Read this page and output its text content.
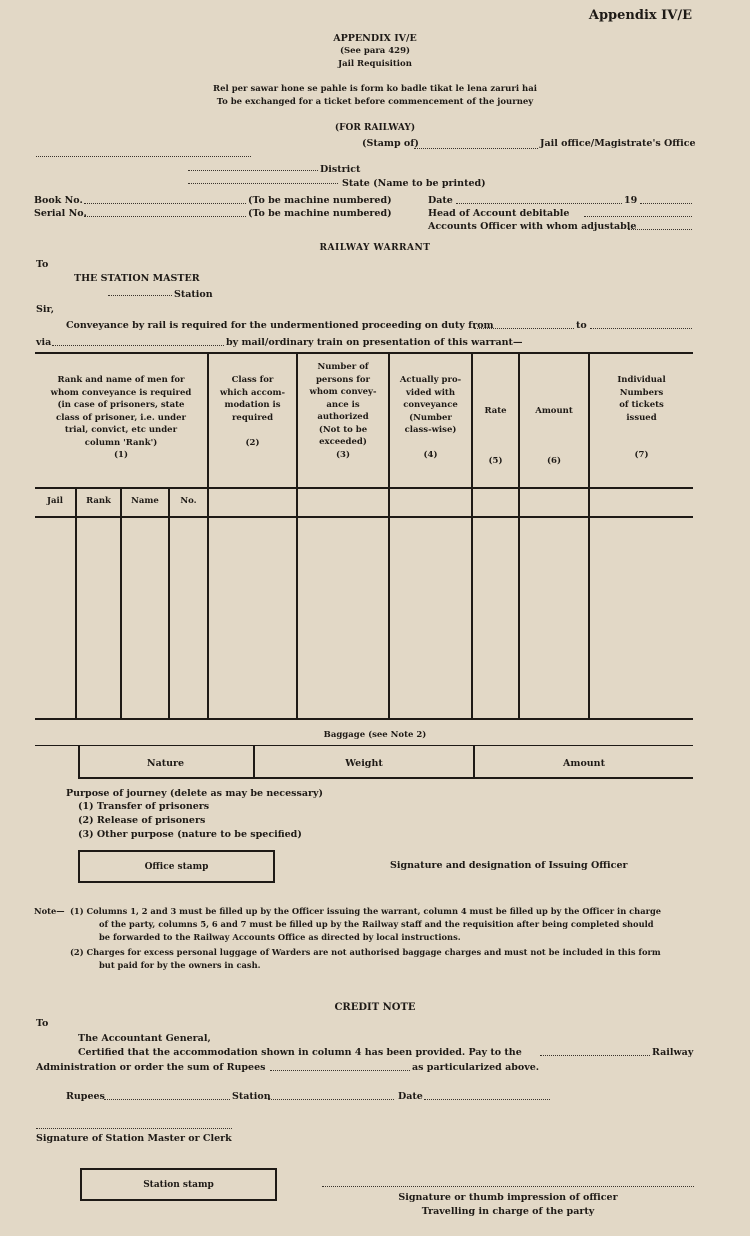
Appendix IV/E
APPENDIX IV/E
(See para 429)
Jail Requisition
Rel per sawar hone se pahle is form ko badle tikat le lena zaruri hai
To be exchanged for a ticket before commencement of the journey
(FOR RAILWAY)
(Stamp of)	Jail office/Magistrate's Office
District
State (Name to be printed)
Book No.	(To be machine numbered)
Serial No.	(To be machine numbered)
Date	19
Head of Account debitable
Accounts Officer with whom adjustable
RAILWAY WARRANT
To
THE STATION MASTER
Station
Sir,
Conveyance by rail is required for the undermentioned proceeding on duty from	to
via	by mail/ordinary train on presentation of this warrant—
Rank and name of men for
whom conveyance is required
(in case of prisoners, state
class of prisoner, i.e. under
trial, convict, etc under
column 'Rank')
(1)
Class for
which accom-
modation is
required

(2)
Number of
persons for
whom convey-
ance is
authorized
(Not to be
exceeded)
(3)
Actually pro-
vided with
conveyance
(Number
class-wise)

(4)
Rate

(5)
Amount

(6)
Individual
Numbers
of tickets
issued

(7)
Jail	Rank	Name	No.
Baggage (see Note 2)
Nature	Weight	Amount
Purpose of journey (delete as may be necessary)
(1) Transfer of prisoners
(2) Release of prisoners
(3) Other purpose (nature to be specified)
Office stamp	Signature and designation of Issuing Officer
Note— (1) Columns 1, 2 and 3 must be filled up by the Officer issuing the warrant, column 4 must be filled up by the Officer in charge
of the party, columns 5, 6 and 7 must be filled up by the Railway staff and the requisition after being completed should
be forwarded to the Railway Accounts Office as directed by local instructions.
(2) Charges for excess personal luggage of Warders are not authorised baggage charges and must not be included in this form
but paid for by the owners in cash.
CREDIT NOTE
To
The Accountant General,
Certified that the accommodation shown in column 4 has been provided. Pay to the	Railway
Administration or order the sum of Rupees	as particularized above.
Rupees	Station	Date
Signature of Station Master or Clerk
Station stamp
Signature or thumb impression of officer
Travelling in charge of the party
